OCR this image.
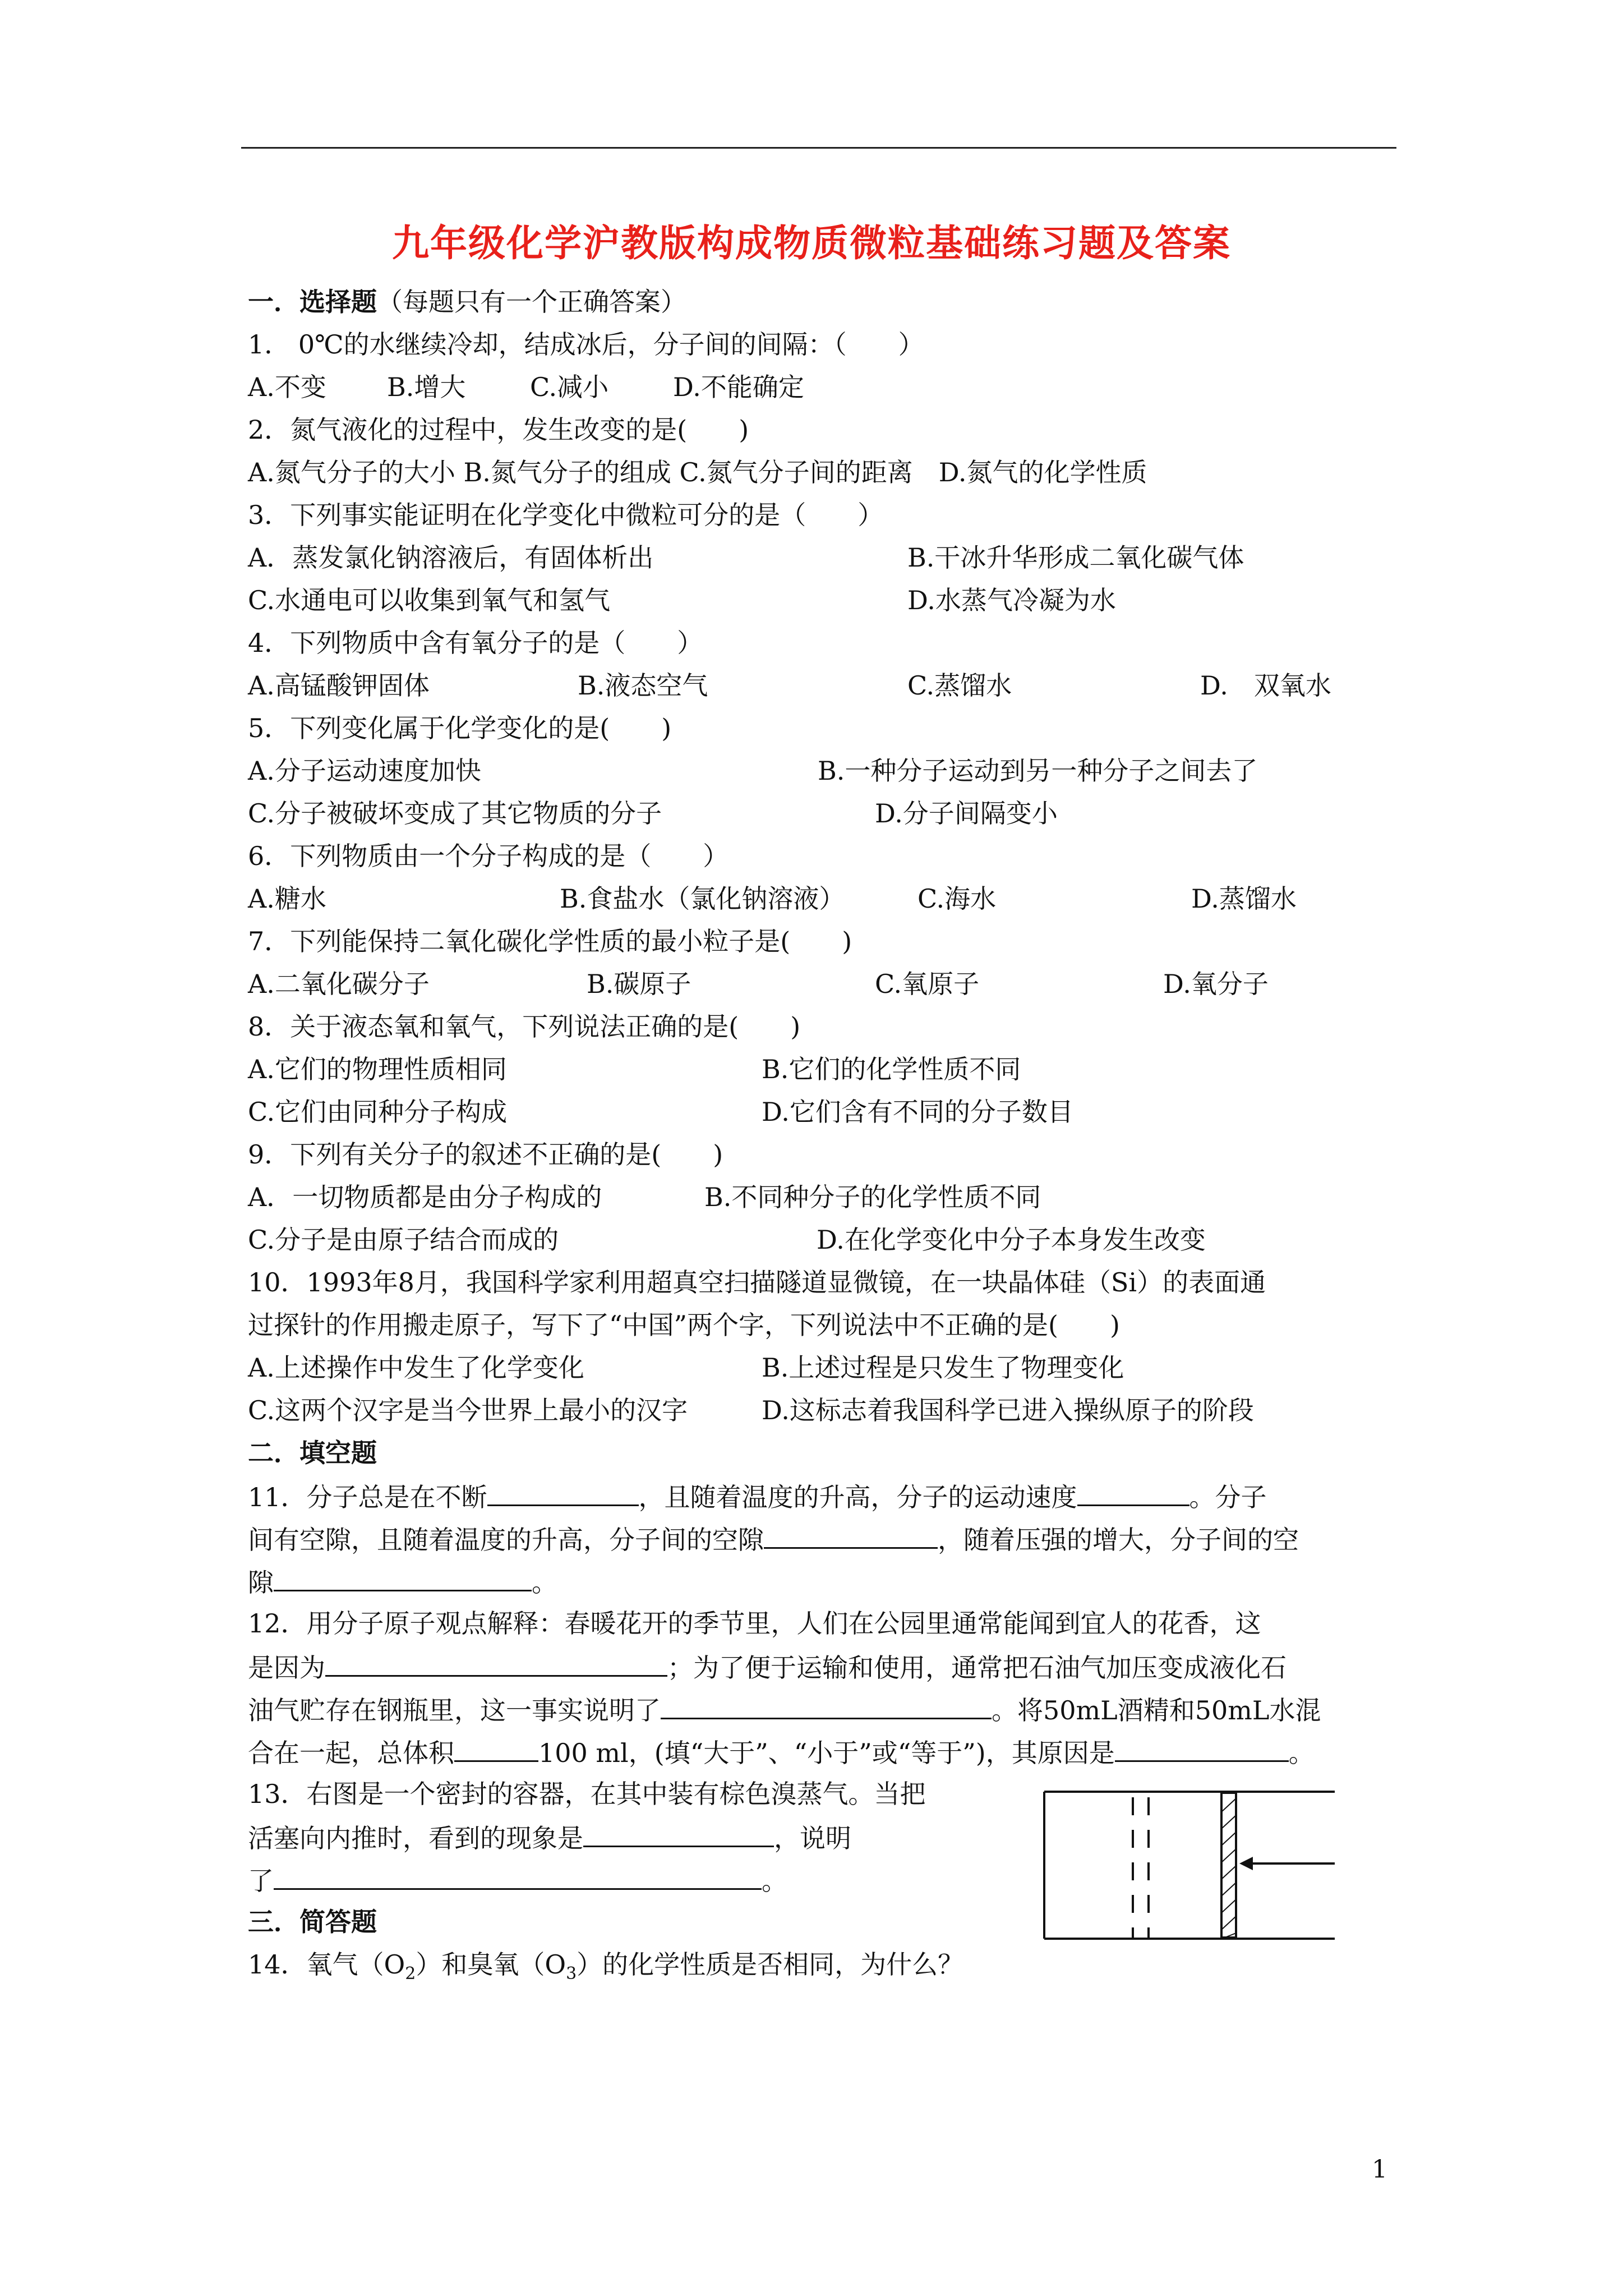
九年级化学沪教版构成物质微粒基础练习题及答案
一．选择题（每题只有一个正确答案）
1． 0℃的水继续冷却，结成冰后，分子间的间隔：（　　）
A.不变 B.增大 C.减小 D.不能确定
2．氮气液化的过程中，发生改变的是(　　)
A.氮气分子的大小 B.氮气分子的组成 C.氮气分子间的距离　D.氮气的化学性质
3．下列事实能证明在化学变化中微粒可分的是（　　）
A．蒸发氯化钠溶液后，有固体析出	B.干冰升华形成二氧化碳气体
C.水通电可以收集到氧气和氢气	D.水蒸气冷凝为水
4．下列物质中含有氧分子的是（　　）
A.高锰酸钾固体	B.液态空气	C.蒸馏水	D.　双氧水
5．下列变化属于化学变化的是(　　)
A.分子运动速度加快	B.一种分子运动到另一种分子之间去了
C.分子被破坏变成了其它物质的分子	D.分子间隔变小
6．下列物质由一个分子构成的是（　　）
A.糖水	B.食盐水（氯化钠溶液）	C.海水	D.蒸馏水
7．下列能保持二氧化碳化学性质的最小粒子是(　　)
A.二氧化碳分子	B.碳原子	C.氧原子	D.氧分子
8．关于液态氧和氧气，下列说法正确的是(　　)
A.它们的物理性质相同	B.它们的化学性质不同
C.它们由同种分子构成	D.它们含有不同的分子数目
9．下列有关分子的叙述不正确的是(　　)
A．一切物质都是由分子构成的	B.不同种分子的化学性质不同
C.分子是由原子结合而成的	D.在化学变化中分子本身发生改变
10．1993年8月，我国科学家利用超真空扫描隧道显微镜，在一块晶体硅（Si）的表面通
过探针的作用搬走原子，写下了“中国”两个字，下列说法中不正确的是(　　)
A.上述操作中发生了化学变化	B.上述过程是只发生了物理变化
C.这两个汉字是当今世界上最小的汉字	D.这标志着我国科学已进入操纵原子的阶段
二．填空题
11．分子总是在不断	，且随着温度的升高，分子的运动速度	。分子
间有空隙，且随着温度的升高，分子间的空隙	，随着压强的增大，分子间的空
隙	。
12．用分子原子观点解释：春暖花开的季节里，人们在公园里通常能闻到宜人的花香，这
是因为	；为了便于运输和使用，通常把石油气加压变成液化石
油气贮存在钢瓶里，这一事实说明了	。将50mL酒精和50mL水混
合在一起，总体积	100 ml，(填“大于”、“小于”或“等于”)，其原因是	。
13．右图是一个密封的容器，在其中装有棕色溴蒸气。当把
活塞向内推时，看到的现象是	，说明
了	。
三．简答题
14．氧气$(O_2)$和臭氧$(O_3)$的化学性质是否相同，为什么？
1
